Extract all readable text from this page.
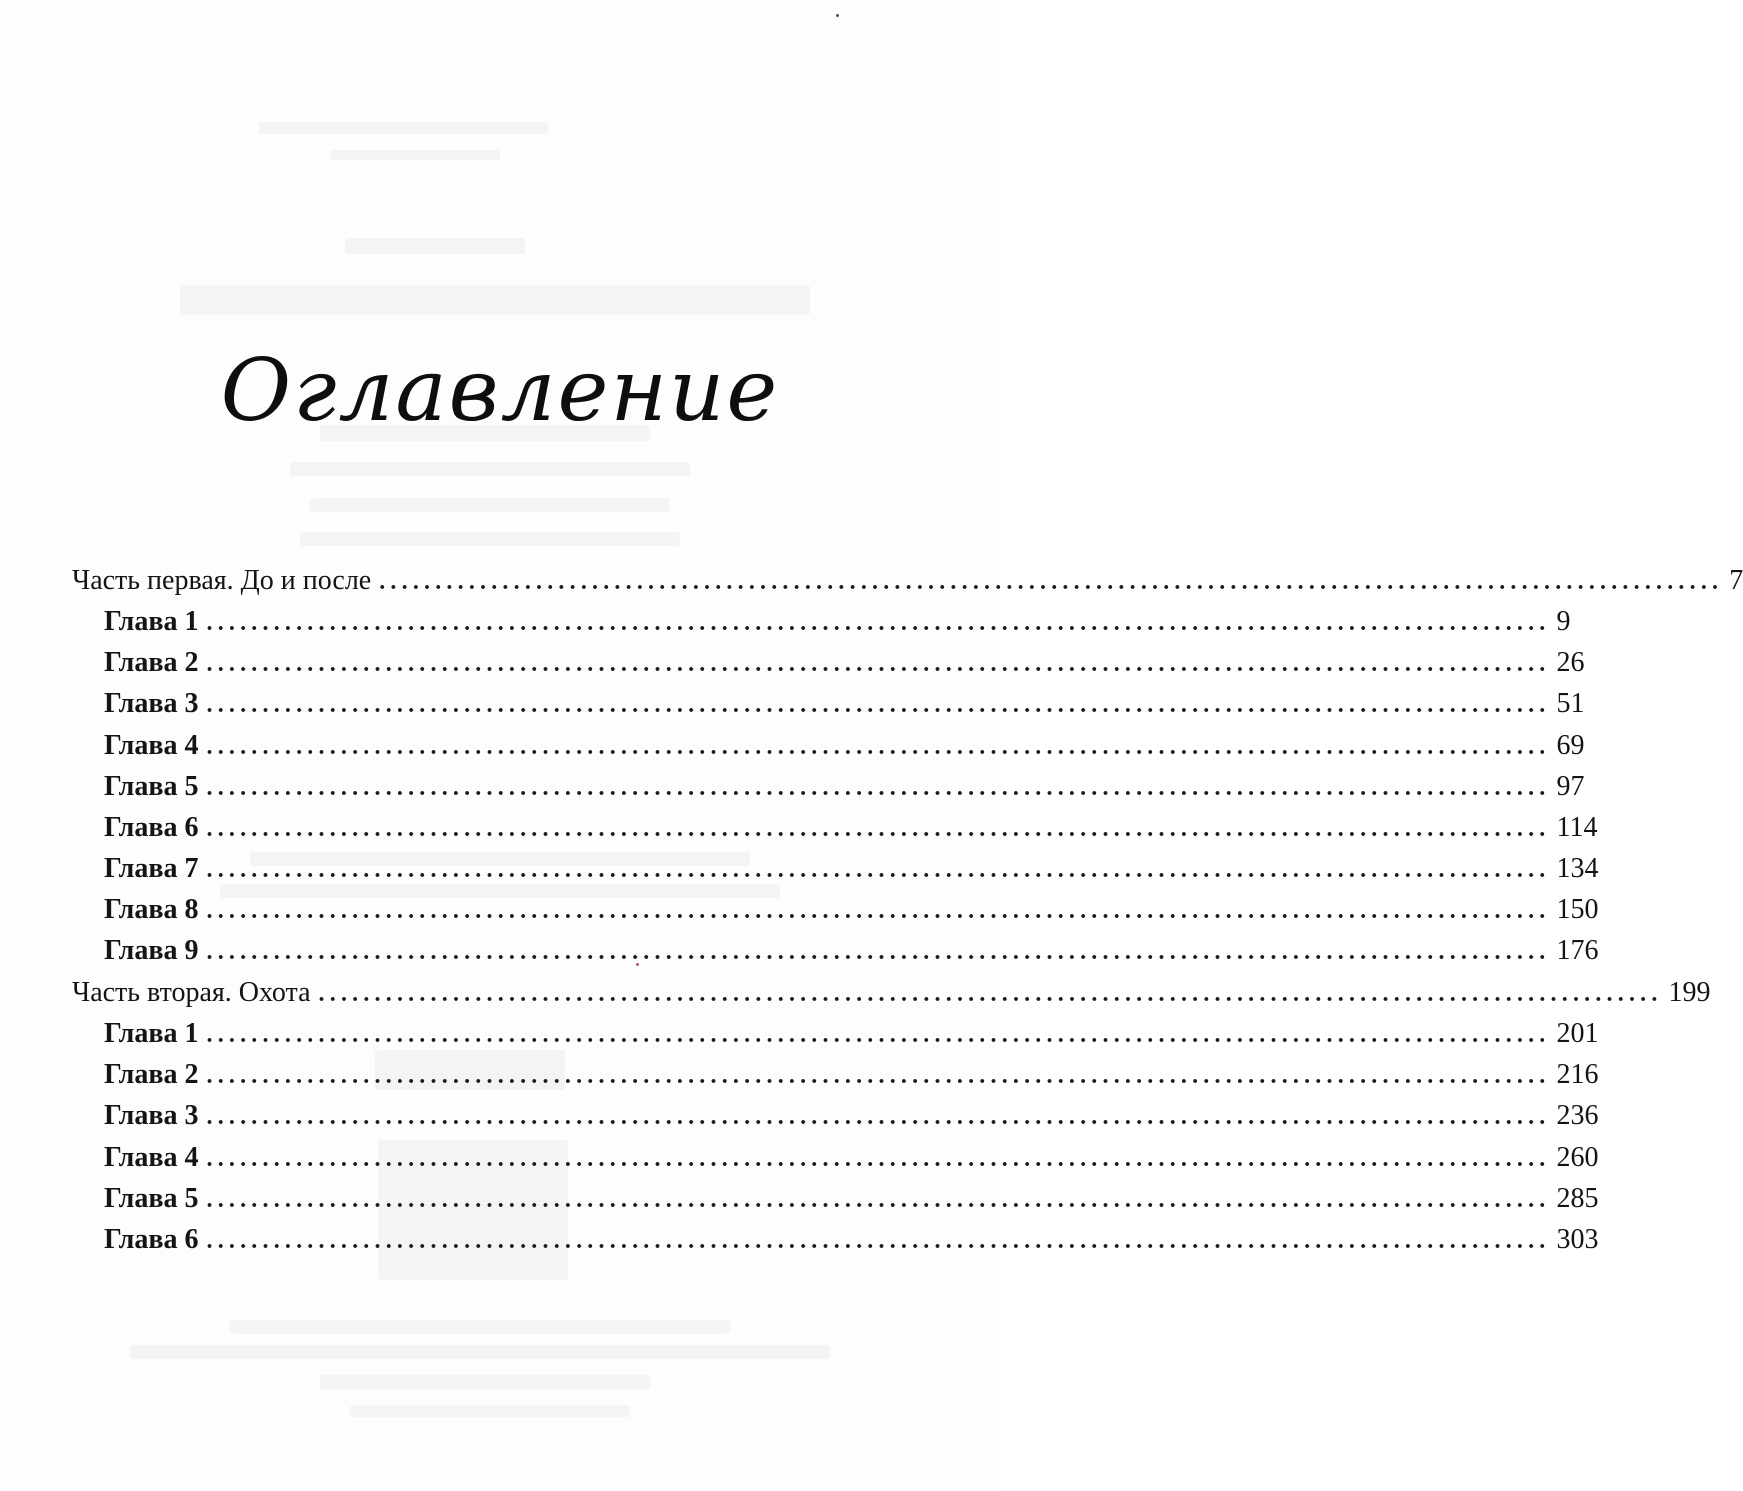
Оглавление
Часть первая. До и после ........................................................................................................................ 7
Глава 1 ........................................................................................................................ 9
Глава 2 ........................................................................................................................ 26
Глава 3 ........................................................................................................................ 51
Глава 4 ........................................................................................................................ 69
Глава 5 ........................................................................................................................ 97
Глава 6 ........................................................................................................................ 114
Глава 7 ........................................................................................................................ 134
Глава 8 ........................................................................................................................ 150
Глава 9 ........................................................................................................................ 176
Часть вторая. Охота ........................................................................................................................ 199
Глава 1 ........................................................................................................................ 201
Глава 2 ........................................................................................................................ 216
Глава 3 ........................................................................................................................ 236
Глава 4 ........................................................................................................................ 260
Глава 5 ........................................................................................................................ 285
Глава 6 ........................................................................................................................ 303
